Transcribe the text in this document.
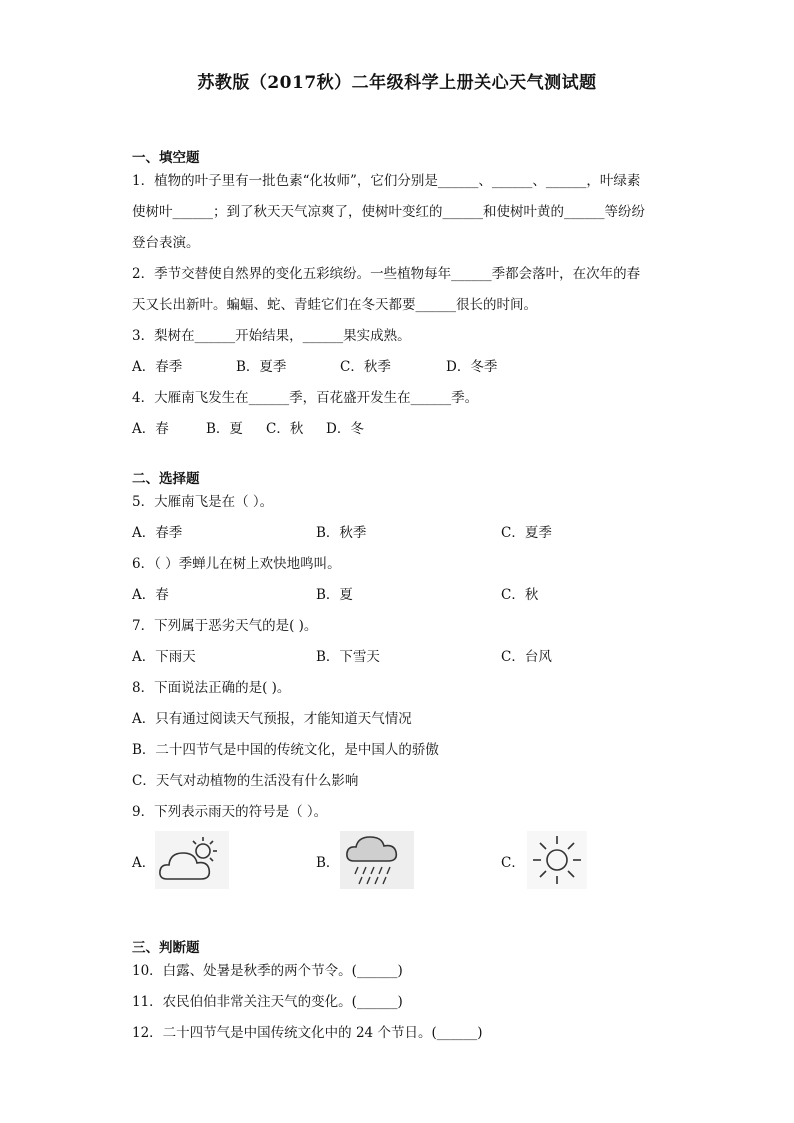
苏教版（2017秋）二年级科学上册关心天气测试题
一、填空题
1．植物的叶子里有一批色素“化妆师”，它们分别是______、______、______，叶绿素
使树叶______；到了秋天天气凉爽了，使树叶变红的______和使树叶黄的______等纷纷
登台表演。
2．季节交替使自然界的变化五彩缤纷。一些植物每年______季都会落叶，在次年的春
天又长出新叶。蝙蝠、蛇、青蛙它们在冬天都要______很长的时间。
3．梨树在______开始结果，______果实成熟。
A．春季	B．夏季	C．秋季	D．冬季
4．大雁南飞发生在______季，百花盛开发生在______季。
A．春	B．夏 C．秋 D．冬
二、选择题
5．大雁南飞是在（ ）。
A．春季	B．秋季	C．夏季
6．（ ）季蝉儿在树上欢快地鸣叫。
A．春	B．夏	C．秋
7．下列属于恶劣天气的是( )。
A．下雨天	B．下雪天	C．台风
8．下面说法正确的是( )。
A．只有通过阅读天气预报，才能知道天气情况
B．二十四节气是中国的传统文化，是中国人的骄傲
C．天气对动植物的生活没有什么影响
9．下列表示雨天的符号是（ ）。
A．	B．	C．
三、判断题
10．白露、处暑是秋季的两个节令。(______)
11．农民伯伯非常关注天气的变化。(______)
12．二十四节气是中国传统文化中的 24 个节日。(______)
